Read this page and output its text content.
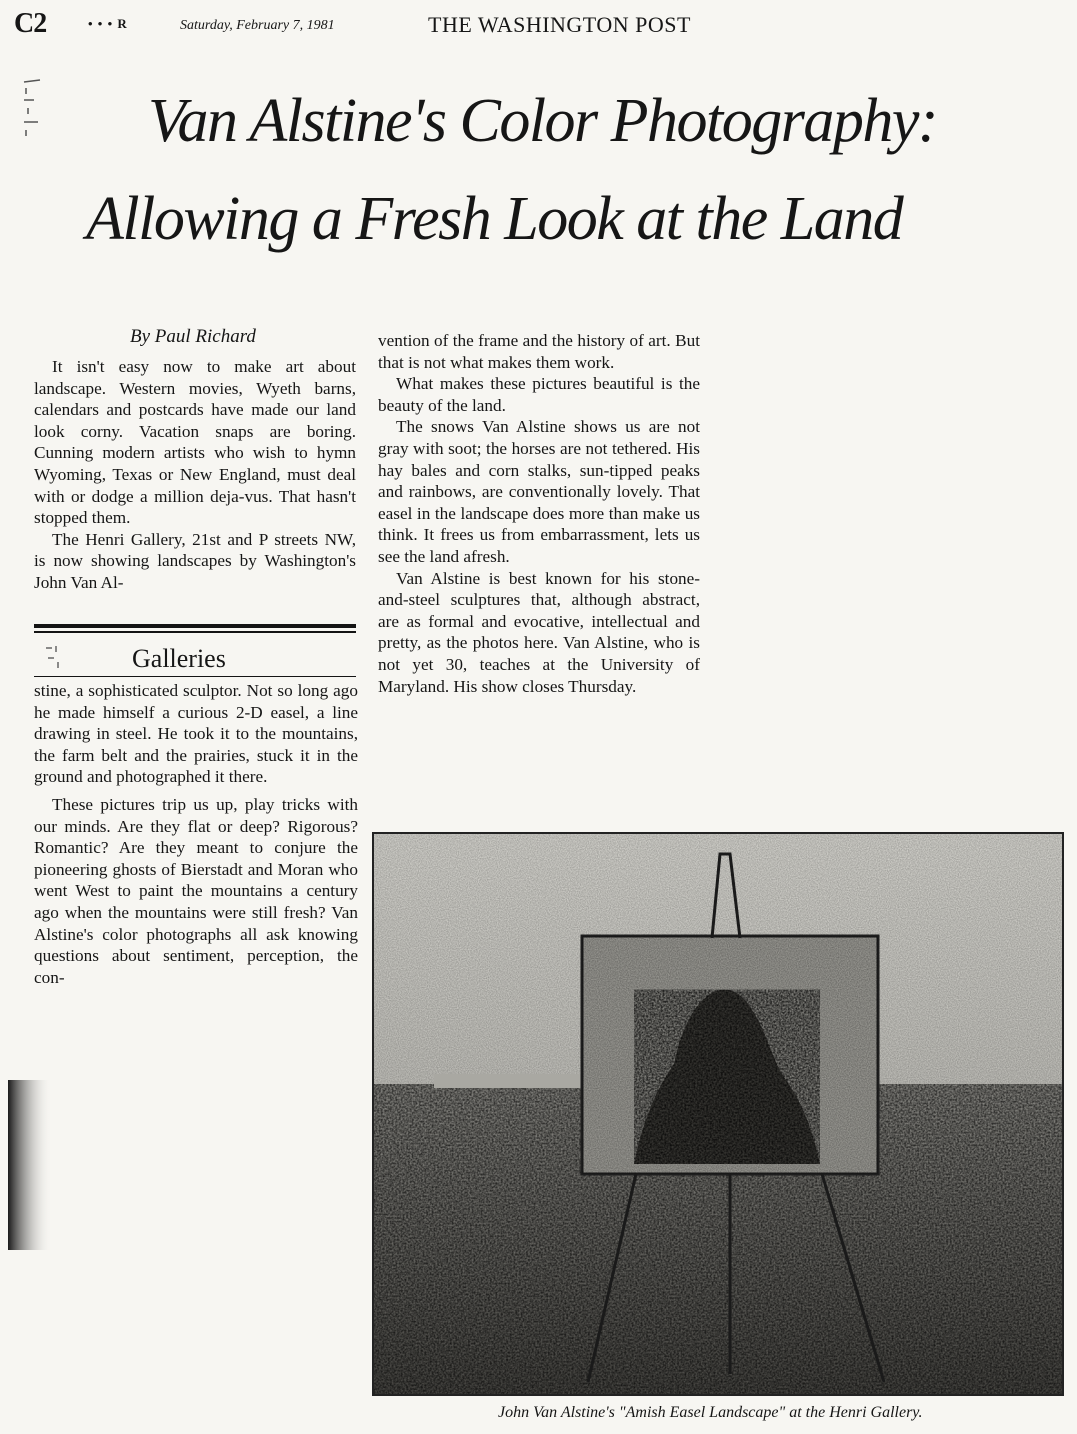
C2	• • • R	Saturday, February 7, 1981	THE WASHINGTON POST
Van Alstine's Color Photography:
Allowing a Fresh Look at the Land
By Paul Richard

It isn't easy now to make art about landscape. Western movies, Wyeth barns, calendars and postcards have made our land look corny. Vacation snaps are boring. Cunning modern artists who wish to hymn Wyoming, Texas or New England, must deal with or dodge a million deja-vus. That hasn't stopped them.

The Henri Gallery, 21st and P streets NW, is now showing landscapes by Washington's John Van Al-

Galleries

stine, a sophisticated sculptor. Not so long ago he made himself a curious 2-D easel, a line drawing in steel. He took it to the mountains, the farm belt and the prairies, stuck it in the ground and photographed it there.

These pictures trip us up, play tricks with our minds. Are they flat or deep? Rigorous? Romantic? Are they meant to conjure the pioneering ghosts of Bierstadt and Moran who went West to paint the mountains a century ago when the mountains were still fresh? Van Alstine's color photographs all ask knowing questions about sentiment, perception, the con-

vention of the frame and the history of art. But that is not what makes them work.

What makes these pictures beautiful is the beauty of the land.

The snows Van Alstine shows us are not gray with soot; the horses are not tethered. His hay bales and corn stalks, sun-tipped peaks and rainbows, are conventionally lovely. That easel in the landscape does more than make us think. It frees us from embarrassment, lets us see the land afresh.

Van Alstine is best known for his stone-and-steel sculptures that, although abstract, are as formal and evocative, intellectual and pretty, as the photos here. Van Alstine, who is not yet 30, teaches at the University of Maryland. His show closes Thursday.

John Van Alstine's "Amish Easel Landscape" at the Henri Gallery.
